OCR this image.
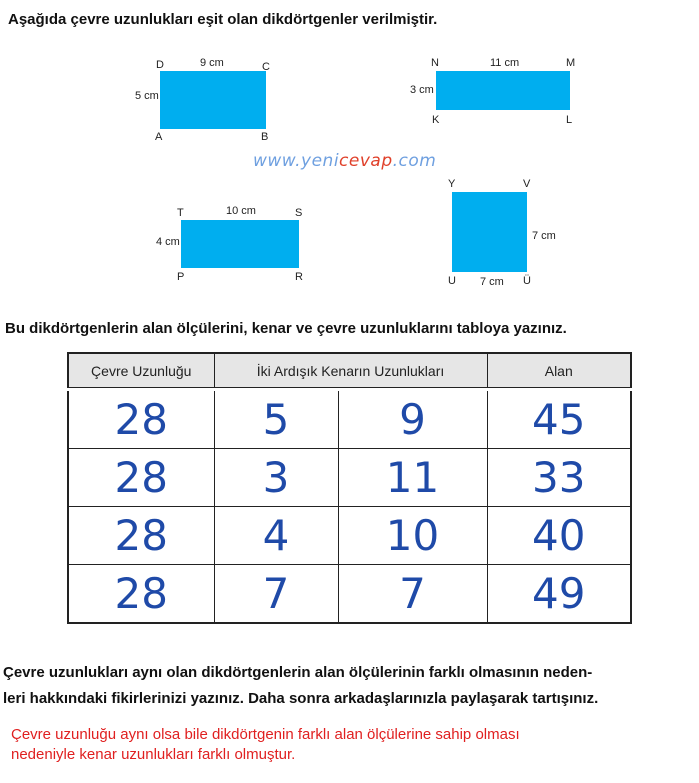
Aşağıda çevre uzunlukları eşit olan dikdörtgenler verilmiştir.
D	C
A	B
9 cm
5 cm
N	M
K	L
11 cm
3 cm
www.yenicevap.com
T	S
P	R
10 cm
4 cm
Y	V
U	Ü
7 cm
7 cm
Bu dikdörtgenlerin alan ölçülerini, kenar ve çevre uzunluklarını tabloya yazınız.
Çevre Uzunluğu	İki Ardışık Kenarın Uzunlukları		Alan
28	5	9	45
28	3	11	33
28	4	10	40
28	7	7	49
Çevre uzunlukları aynı olan dikdörtgenlerin alan ölçülerinin farklı olmasının neden-
leri hakkındaki fikirlerinizi yazınız. Daha sonra arkadaşlarınızla paylaşarak tartışınız.
Çevre uzunluğu aynı olsa bile dikdörtgenin farklı alan ölçülerine sahip olması
nedeniyle kenar uzunlukları farklı olmuştur.
